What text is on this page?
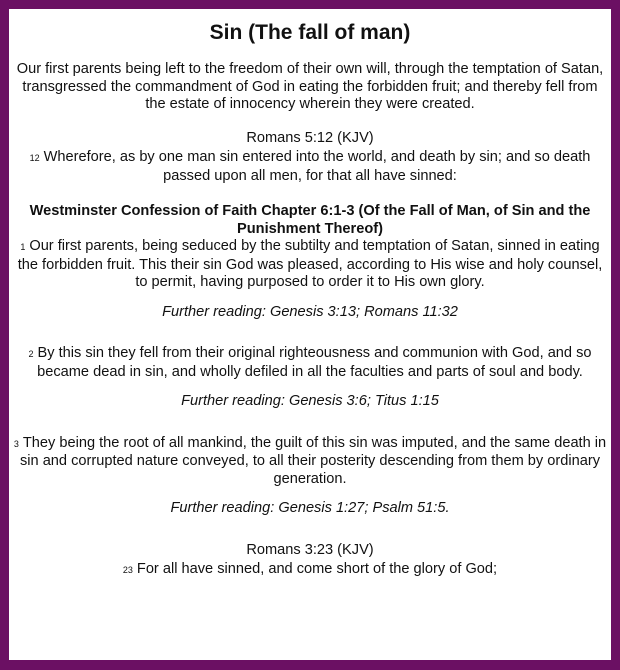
Sin (The fall of man)

Our first parents being left to the freedom of their own will, through the temptation of Satan, transgressed the commandment of God in eating the forbidden fruit; and thereby fell from the estate of innocency wherein they were created.

Romans 5:12 (KJV)

12 Wherefore, as by one man sin entered into the world, and death by sin; and so death passed upon all men, for that all have sinned:

Westminster Confession of Faith Chapter 6:1-3 (Of the Fall of Man, of Sin and the Punishment Thereof)

1 Our first parents, being seduced by the subtilty and temptation of Satan, sinned in eating the forbidden fruit. This their sin God was pleased, according to His wise and holy counsel, to permit, having purposed to order it to His own glory.

Further reading: Genesis 3:13; Romans 11:32

2 By this sin they fell from their original righteousness and communion with God, and so became dead in sin, and wholly defiled in all the faculties and parts of soul and body.

Further reading: Genesis 3:6; Titus 1:15

3 They being the root of all mankind, the guilt of this sin was imputed, and the same death in sin and corrupted nature conveyed, to all their posterity descending from them by ordinary generation.

Further reading: Genesis 1:27; Psalm 51:5.

Romans 3:23 (KJV)

23 For all have sinned, and come short of the glory of God;
